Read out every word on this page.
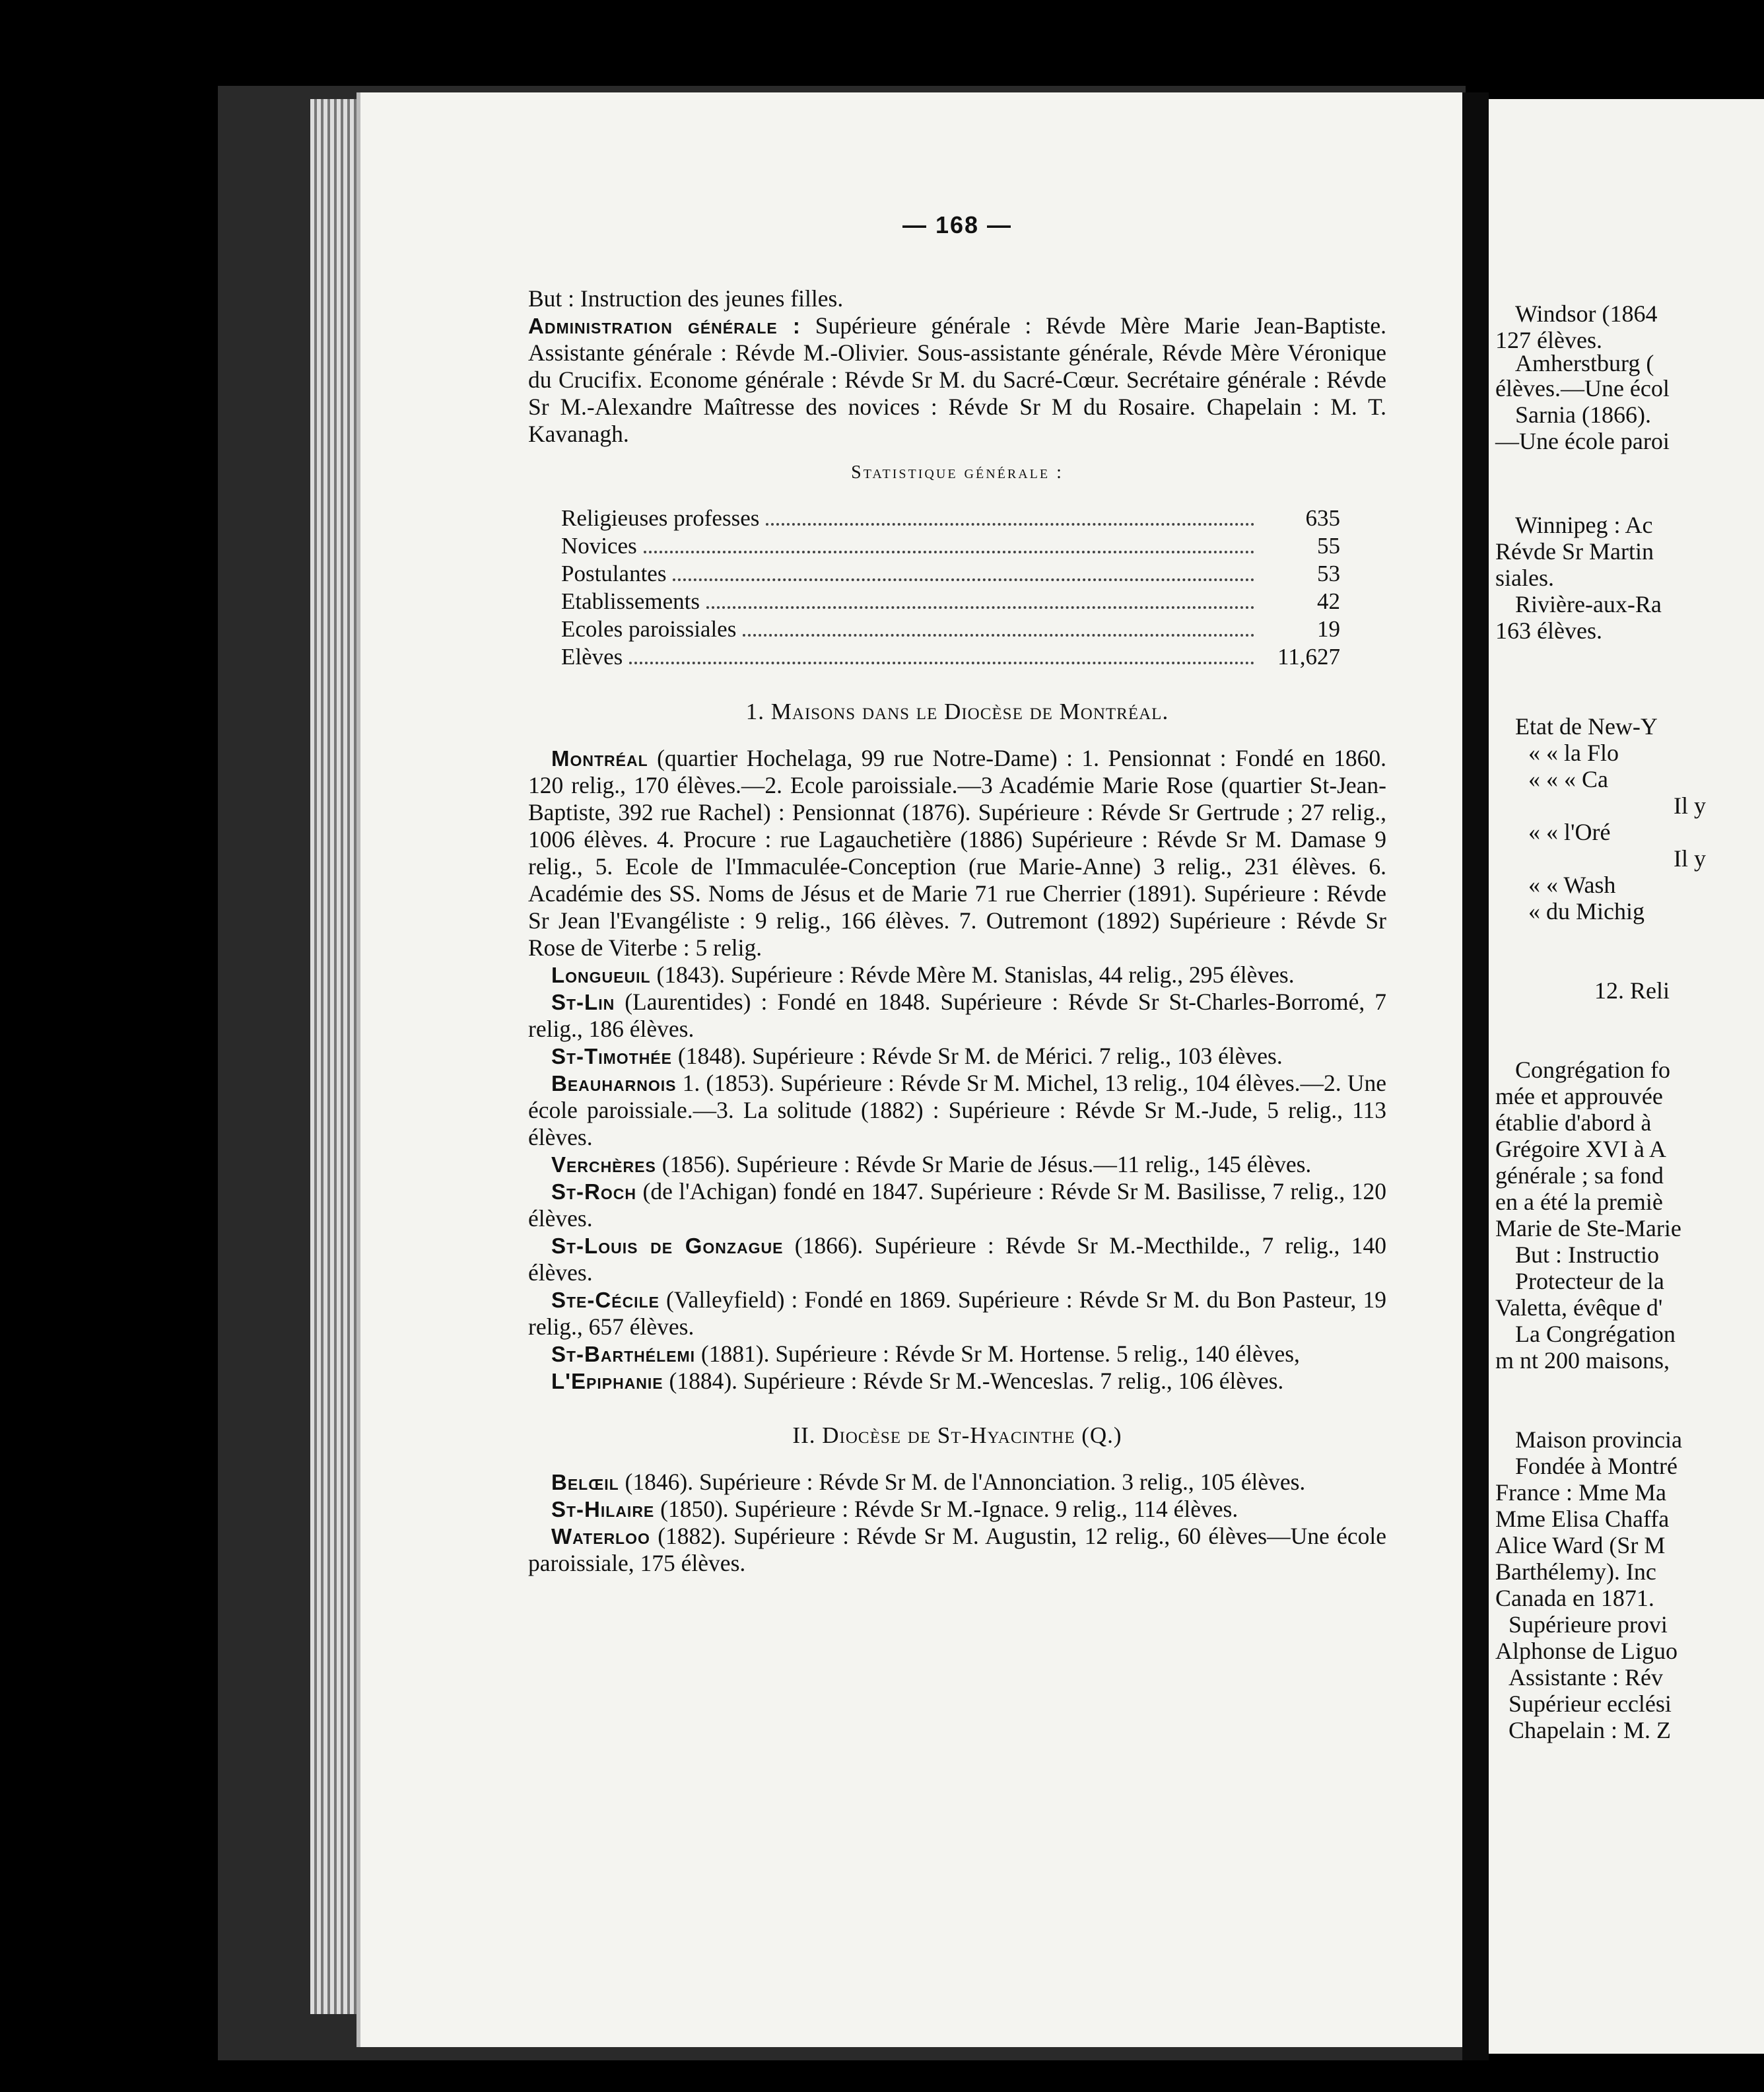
— 168 —

But : Instruction des jeunes filles.

Administration générale : Supérieure générale : Révde Mère Marie Jean-Baptiste. Assistante générale : Révde M.-Olivier. Sous-assistante générale, Révde Mère Véronique du Crucifix. Econome générale : Révde Sr M. du Sacré-Cœur. Secrétaire générale : Révde Sr M.-Alexandre Maîtresse des novices : Révde Sr M du Rosaire. Chapelain : M. T. Kavanagh.

Statistique générale :
Religieuses professes	635
Novices	55
Postulantes	53
Etablissements	42
Ecoles paroissiales	19
Elèves	11,627
1. Maisons dans le Diocèse de Montréal.

Montréal (quartier Hochelaga, 99 rue Notre-Dame) : 1. Pensionnat : Fondé en 1860. 120 relig., 170 élèves.—2. Ecole paroissiale.—3 Académie Marie Rose (quartier St-Jean-Baptiste, 392 rue Rachel) : Pensionnat (1876). Supérieure : Révde Sr Gertrude ; 27 relig., 1006 élèves. 4. Procure : rue Lagauchetière (1886) Supérieure : Révde Sr M. Damase 9 relig., 5. Ecole de l'Immaculée-Conception (rue Marie-Anne) 3 relig., 231 élèves. 6. Académie des SS. Noms de Jésus et de Marie 71 rue Cherrier (1891). Supérieure : Révde Sr Jean l'Evangéliste : 9 relig., 166 élèves. 7. Outremont (1892) Supérieure : Révde Sr Rose de Viterbe : 5 relig.

Longueuil (1843). Supérieure : Révde Mère M. Stanislas, 44 relig., 295 élèves.

St-Lin (Laurentides) : Fondé en 1848. Supérieure : Révde Sr St-Charles-Borromé, 7 relig., 186 élèves.

St-Timothée (1848). Supérieure : Révde Sr M. de Mérici. 7 relig., 103 élèves.

Beauharnois 1. (1853). Supérieure : Révde Sr M. Michel, 13 relig., 104 élèves.—2. Une école paroissiale.—3. La solitude (1882) : Supérieure : Révde Sr M.-Jude, 5 relig., 113 élèves.

Verchères (1856). Supérieure : Révde Sr Marie de Jésus.—11 relig., 145 élèves.

St-Roch (de l'Achigan) fondé en 1847. Supérieure : Révde Sr M. Basilisse, 7 relig., 120 élèves.

St-Louis de Gonzague (1866). Supérieure : Révde Sr M.-Mecthilde., 7 relig., 140 élèves.

Ste-Cécile (Valleyfield) : Fondé en 1869. Supérieure : Révde Sr M. du Bon Pasteur, 19 relig., 657 élèves.

St-Barthélemi (1881). Supérieure : Révde Sr M. Hortense. 5 relig., 140 élèves,

L'Epiphanie (1884). Supérieure : Révde Sr M.-Wenceslas. 7 relig., 106 élèves.

II. Diocèse de St-Hyacinthe (Q.)

Belœil (1846). Supérieure : Révde Sr M. de l'Annonciation. 3 relig., 105 élèves.

St-Hilaire (1850). Supérieure : Révde Sr M.-Ignace. 9 relig., 114 élèves.

Waterloo (1882). Supérieure : Révde Sr M. Augustin, 12 relig., 60 élèves—Une école paroissiale, 175 élèves.

Windsor (1864
127 élèves.
Amherstburg (
élèves.—Une écol
Sarnia (1866).
—Une école paroi
Winnipeg : Ac
Révde Sr Martin
siales.
Rivière-aux-Ra
163 élèves.
Etat de New-Y
« « la Flo
« « « Ca
Il y
« « l'Oré
Il y
« « Wash
« du Michig
12. Reli
Congrégation fo
mée et approuvée
établie d'abord à
Grégoire XVI à A
générale ; sa fond
en a été la premiè
Marie de Ste-Marie
But : Instructio
Protecteur de la
Valetta, évêque d'
La Congrégation
m nt 200 maisons,
Maison provincia
Fondée à Montré
France : Mme Ma
Mme Elisa Chaffa
Alice Ward (Sr M
Barthélemy). Inc
Canada en 1871.
Supérieure provi
Alphonse de Liguo
Assistante : Rév
Supérieur ecclési
Chapelain : M. Z
